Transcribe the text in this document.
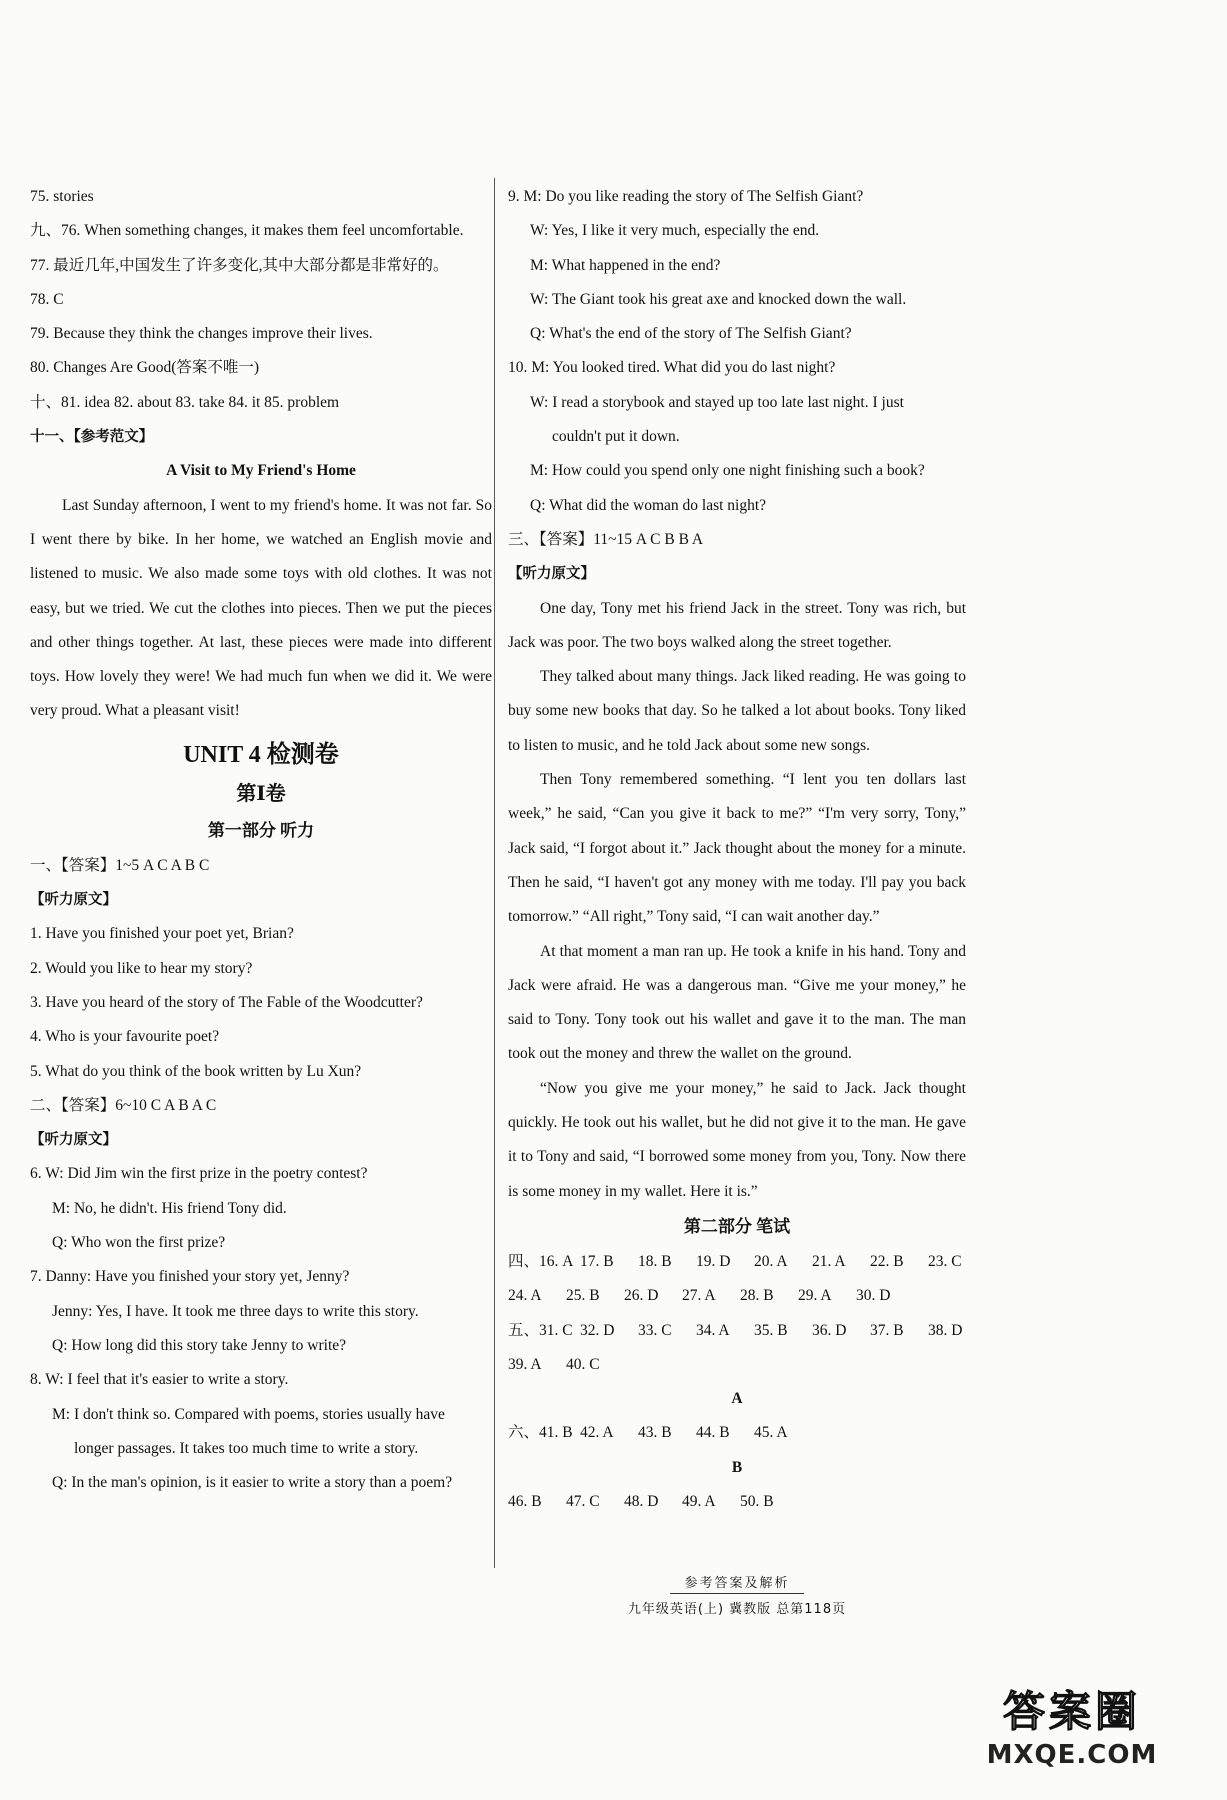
75. stories
九、76. When something changes, it makes them feel uncomfortable.
77. 最近几年,中国发生了许多变化,其中大部分都是非常好的。
78. C
79. Because they think the changes improve their lives.
80. Changes Are Good(答案不唯一)
十、81. idea 82. about 83. take 84. it 85. problem
十一、【参考范文】
A Visit to My Friend's Home

Last Sunday afternoon, I went to my friend's home. It was not far. So I went there by bike. In her home, we watched an English movie and listened to music. We also made some toys with old clothes. It was not easy, but we tried. We cut the clothes into pieces. Then we put the pieces and other things together. At last, these pieces were made into different toys. How lovely they were! We had much fun when we did it. We were very proud. What a pleasant visit!

UNIT 4 检测卷
第Ⅰ卷
第一部分 听力
一、【答案】1~5 A C A B C
【听力原文】
1. Have you finished your poet yet, Brian?
2. Would you like to hear my story?
3. Have you heard of the story of The Fable of the Woodcutter?
4. Who is your favourite poet?
5. What do you think of the book written by Lu Xun?
二、【答案】6~10 C A B A C
【听力原文】
6. W: Did Jim win the first prize in the poetry contest?
M: No, he didn't. His friend Tony did.
Q: Who won the first prize?
7. Danny: Have you finished your story yet, Jenny?
Jenny: Yes, I have. It took me three days to write this story.
Q: How long did this story take Jenny to write?
8. W: I feel that it's easier to write a story.
M: I don't think so. Compared with poems, stories usually have
longer passages. It takes too much time to write a story.
Q: In the man's opinion, is it easier to write a story than a poem?
9. M: Do you like reading the story of The Selfish Giant?
W: Yes, I like it very much, especially the end.
M: What happened in the end?
W: The Giant took his great axe and knocked down the wall.
Q: What's the end of the story of The Selfish Giant?
10. M: You looked tired. What did you do last night?
W: I read a storybook and stayed up too late last night. I just
couldn't put it down.
M: How could you spend only one night finishing such a book?
Q: What did the woman do last night?
三、【答案】11~15 A C B B A
【听力原文】

One day, Tony met his friend Jack in the street. Tony was rich, but Jack was poor. The two boys walked along the street together.

They talked about many things. Jack liked reading. He was going to buy some new books that day. So he talked a lot about books. Tony liked to listen to music, and he told Jack about some new songs.

Then Tony remembered something. “I lent you ten dollars last week,” he said, “Can you give it back to me?” “I'm very sorry, Tony,” Jack said, “I forgot about it.” Jack thought about the money for a minute. Then he said, “I haven't got any money with me today. I'll pay you back tomorrow.” “All right,” Tony said, “I can wait another day.”

At that moment a man ran up. He took a knife in his hand. Tony and Jack were afraid. He was a dangerous man. “Give me your money,” he said to Tony. Tony took out his wallet and gave it to the man. The man took out the money and threw the wallet on the ground.

“Now you give me your money,” he said to Jack. Jack thought quickly. He took out his wallet, but he did not give it to the man. He gave it to Tony and said, “I borrowed some money from you, Tony. Now there is some money in my wallet. Here it is.”

第二部分 笔试
四、16. A 17. B 18. B 19. D 20. A 21. A 22. B 23. C
24. A 25. B 26. D 27. A 28. B 29. A 30. D
五、31. C 32. D 33. C 34. A 35. B 36. D 37. B 38. D
39. A 40. C
A
六、41. B 42. A 43. B 44. B 45. A
B
46. B 47. C 48. D 49. A 50. B
参考答案及解析
九年级英语(上) 冀教版 总第118页
答案圈
MXQE.COM
